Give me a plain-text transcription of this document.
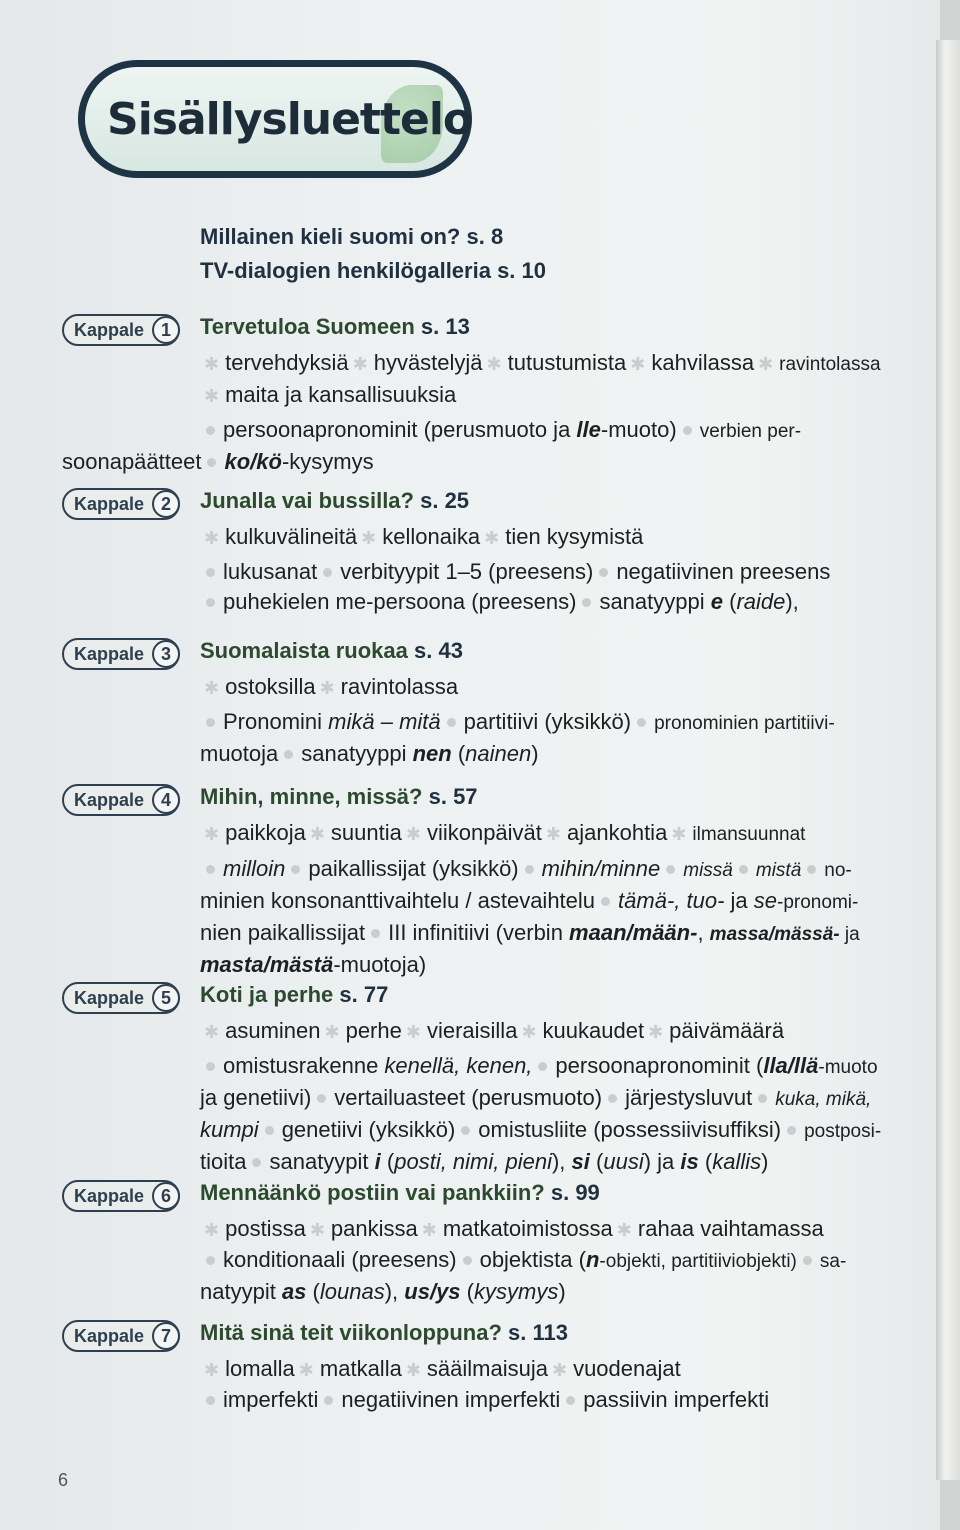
Sisällysluettelo
Millainen kieli suomi on? s. 8
TV-dialogien henkilögalleria s. 10
Kappale 1	Tervetuloa Suomeen s. 13
✱ tervehdyksiä ✱ hyvästelyjä ✱ tutustumista ✱ kahvilassa ✱ ravintolassa
✱ maita ja kansallisuuksia
persoonapronominit (perusmuoto ja lle-muoto) verbien per-
soonapäätteet ko/kö-kysymys
Kappale 2	Junalla vai bussilla? s. 25
✱ kulkuvälineitä ✱ kellonaika ✱ tien kysymistä
lukusanat verbityypit 1–5 (preesens) negatiivinen preesens
puhekielen me-persoona (preesens) sanatyyppi e (raide),
Kappale 3	Suomalaista ruokaa s. 43
✱ ostoksilla ✱ ravintolassa
Pronomini mikä – mitä partitiivi (yksikkö) pronominien partitiivi-
muotoja sanatyyppi nen (nainen)
Kappale 4	Mihin, minne, missä? s. 57
✱ paikkoja ✱ suuntia ✱ viikonpäivät ✱ ajankohtia ✱ ilmansuunnat
milloin paikallissijat (yksikkö) mihin/minne missä mistä no-
minien konsonanttivaihtelu / astevaihtelu tämä-, tuo- ja se-pronomi-
nien paikallissijat III infinitiivi (verbin maan/mään-, massa/mässä- ja
masta/mästä-muotoja)
Kappale 5	Koti ja perhe s. 77
✱ asuminen ✱ perhe ✱ vieraisilla ✱ kuukaudet ✱ päivämäärä
omistusrakenne kenellä, kenen, persoonapronominit (lla/llä-muoto
ja genetiivi) vertailuasteet (perusmuoto) järjestysluvut kuka, mikä,
kumpi genetiivi (yksikkö) omistusliite (possessiivisuffiksi) postposi-
tioita sanatyypit i (posti, nimi, pieni), si (uusi) ja is (kallis)
Kappale 6	Mennäänkö postiin vai pankkiin? s. 99
✱ postissa ✱ pankissa ✱ matkatoimistossa ✱ rahaa vaihtamassa
konditionaali (preesens) objektista (n-objekti, partitiiviobjekti) sa-
natyypit as (lounas), us/ys (kysymys)
Kappale 7	Mitä sinä teit viikonloppuna? s. 113
✱ lomalla ✱ matkalla ✱ sääilmaisuja ✱ vuodenajat
imperfekti negatiivinen imperfekti passiivin imperfekti
6
